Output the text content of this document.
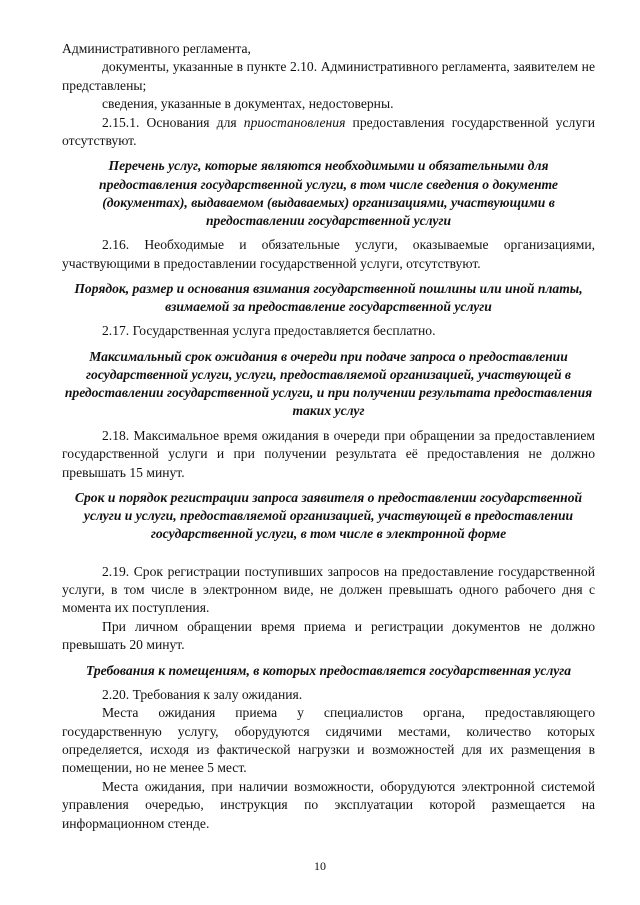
Административного регламента,

документы, указанные в пункте 2.10. Административного регламента, заявителем не представлены;

сведения, указанные в документах, недостоверны.

2.15.1. Основания для приостановления предоставления государственной услуги отсутствуют.

Перечень услуг, которые являются необходимыми и обязательными для предоставления государственной услуги, в том числе сведения о документе (документах), выдаваемом (выдаваемых) организациями, участвующими в предоставлении государственной услуги

2.16. Необходимые и обязательные услуги, оказываемые организациями, участвующими в предоставлении государственной услуги, отсутствуют.

Порядок, размер и основания взимания государственной пошлины или иной платы, взимаемой за предоставление государственной услуги

2.17. Государственная услуга предоставляется бесплатно.

Максимальный срок ожидания в очереди при подаче запроса о предоставлении государственной услуги, услуги, предоставляемой организацией, участвующей в предоставлении государственной услуги, и при получении результата предоставления таких услуг

2.18. Максимальное время ожидания в очереди при обращении за предоставлением государственной услуги и при получении результата её предоставления не должно превышать 15 минут.

Срок и порядок регистрации запроса заявителя о предоставлении государственной услуги и услуги, предоставляемой организацией, участвующей в предоставлении государственной услуги, в том числе в электронной форме

2.19. Срок регистрации поступивших запросов на предоставление государственной услуги, в том числе в электронном виде, не должен превышать одного рабочего дня с момента их поступления.

При личном обращении время приема и регистрации документов не должно превышать 20 минут.

Требования к помещениям, в которых предоставляется государственная услуга

2.20. Требования к залу ожидания.

Места ожидания приема у специалистов органа, предоставляющего государственную услугу, оборудуются сидячими местами, количество которых определяется, исходя из фактической нагрузки и возможностей для их размещения в помещении, но не менее 5 мест.

Места ожидания, при наличии возможности, оборудуются электронной системой управления очередью, инструкция по эксплуатации которой размещается на информационном стенде.

10
